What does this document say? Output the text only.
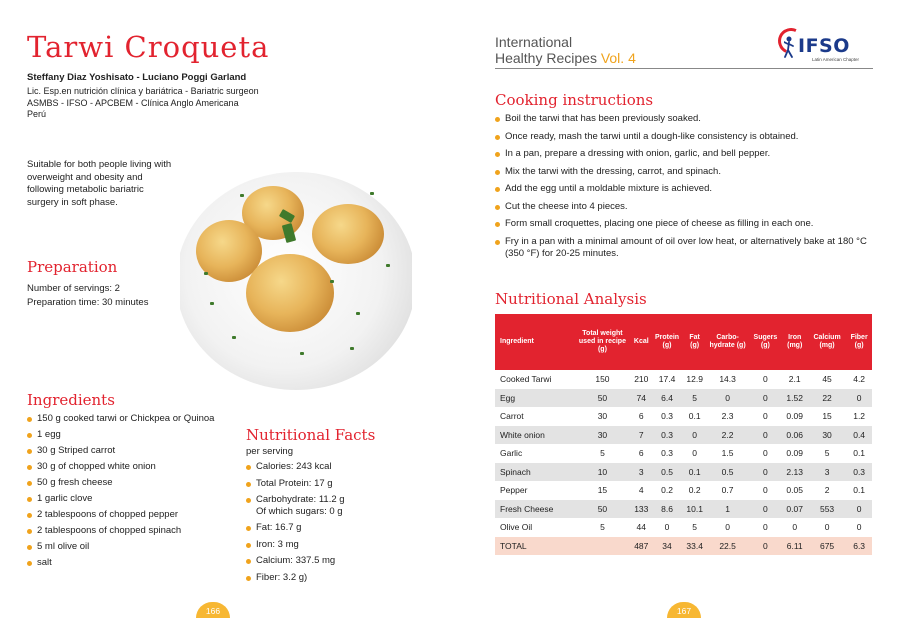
Tarwi Croqueta
Steffany Diaz Yoshisato - Luciano Poggi Garland
Lic. Esp.en nutrición clínica y bariátrica - Bariatric surgeon
ASMBS - IFSO - APCBEM - Clínica Anglo Americana
Perú

Suitable for both people living with overweight and obesity and following metabolic bariatric surgery in soft phase.

Preparation
Number of servings: 2
Preparation time: 30 minutes
Ingredients
150 g cooked tarwi or Chickpea or Quinoa
1 egg
30 g Striped carrot
30 g of chopped white onion
50 g fresh cheese
1 garlic clove
2 tablespoons of chopped pepper
2 tablespoons of chopped spinach
5 ml olive oil
salt
Nutritional Facts
per serving
Calories: 243 kcal
Total Protein: 17 g
Carbohydrate: 11.2 g
Of which sugars: 0 g
Fat: 16.7 g
Iron: 3 mg
Calcium: 337.5 mg
Fiber: 3.2 g)
166
International
Healthy Recipes Vol. 4
IFSO
Latin American Chapter
Cooking instructions
Boil the tarwi that has been previously soaked.
Once ready, mash the tarwi until a dough-like consistency is obtained.
In a pan, prepare a dressing with onion, garlic, and bell pepper.
Mix the tarwi with the dressing, carrot, and spinach.
Add the egg until a moldable mixture is achieved.
Cut the cheese into 4 pieces.
Form small croquettes, placing one piece of cheese as filling in each one.
Fry in a pan with a minimal amount of oil over low heat, or alternatively bake at 180 °C (350 °F) for 20-25 minutes.
Nutritional Analysis
Ingredient	Total weight used in recipe (g)	Kcal	Protein (g)	Fat (g)	Carbo-hydrate (g)	Sugers (g)	Iron (mg)	Calcium (mg)	Fiber (g)
Cooked Tarwi	150	210	17.4	12.9	14.3	0	2.1	45	4.2
Egg	50	74	6.4	5	0	0	1.52	22	0
Carrot	30	6	0.3	0.1	2.3	0	0.09	15	1.2
White onion	30	7	0.3	0	2.2	0	0.06	30	0.4
Garlic	5	6	0.3	0	1.5	0	0.09	5	0.1
Spinach	10	3	0.5	0.1	0.5	0	2.13	3	0.3
Pepper	15	4	0.2	0.2	0.7	0	0.05	2	0.1
Fresh Cheese	50	133	8.6	10.1	1	0	0.07	553	0
Olive Oil	5	44	0	5	0	0	0	0	0
TOTAL		487	34	33.4	22.5	0	6.11	675	6.3
167
